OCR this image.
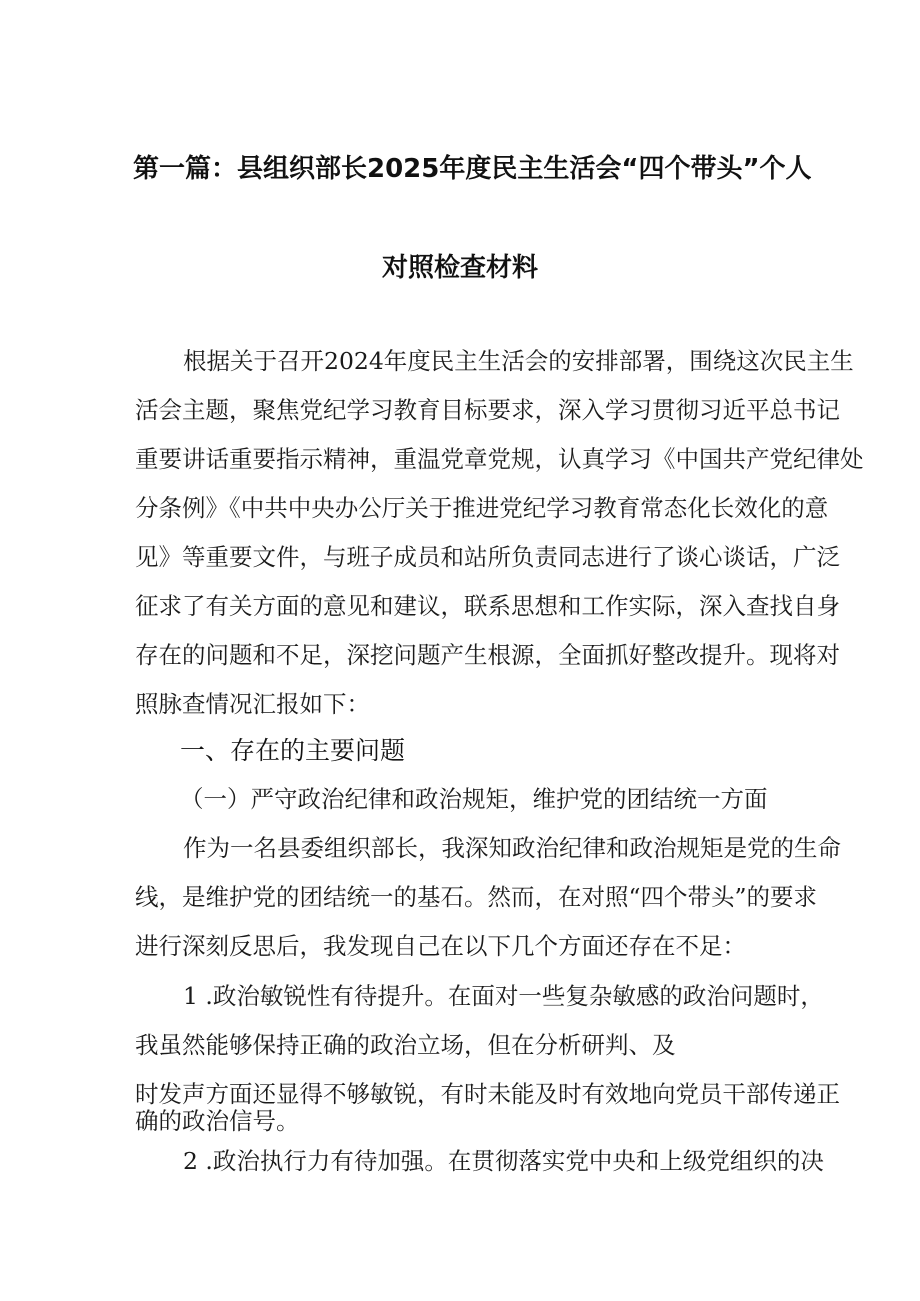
第一篇：县组织部长2025年度民主生活会“四个带头”个人
对照检查材料
根据关于召开2024年度民主生活会的安排部署，围绕这次民主生
活会主题，聚焦党纪学习教育目标要求，深入学习贯彻习近平总书记
重要讲话重要指示精神，重温党章党规，认真学习《中国共产党纪律处
分条例》《中共中央办公厅关于推进党纪学习教育常态化长效化的意
见》等重要文件，与班子成员和站所负责同志进行了谈心谈话，广泛
征求了有关方面的意见和建议，联系思想和工作实际，深入查找自身
存在的问题和不足，深挖问题产生根源，全面抓好整改提升。现将对
照脉查情况汇报如下：
一、存在的主要问题
（一）严守政治纪律和政治规矩，维护党的团结统一方面
作为一名县委组织部长，我深知政治纪律和政治规矩是党的生命
线，是维护党的团结统一的基石。然而，在对照“四个带头”的要求
进行深刻反思后，我发现自己在以下几个方面还存在不足：
1 .政治敏锐性有待提升。在面对一些复杂敏感的政治问题时，
我虽然能够保持正确的政治立场，但在分析研判、及
时发声方面还显得不够敏锐，有时未能及时有效地向党员干部传递正
确的政治信号。
2 .政治执行力有待加强。在贯彻落实党中央和上级党组织的决
